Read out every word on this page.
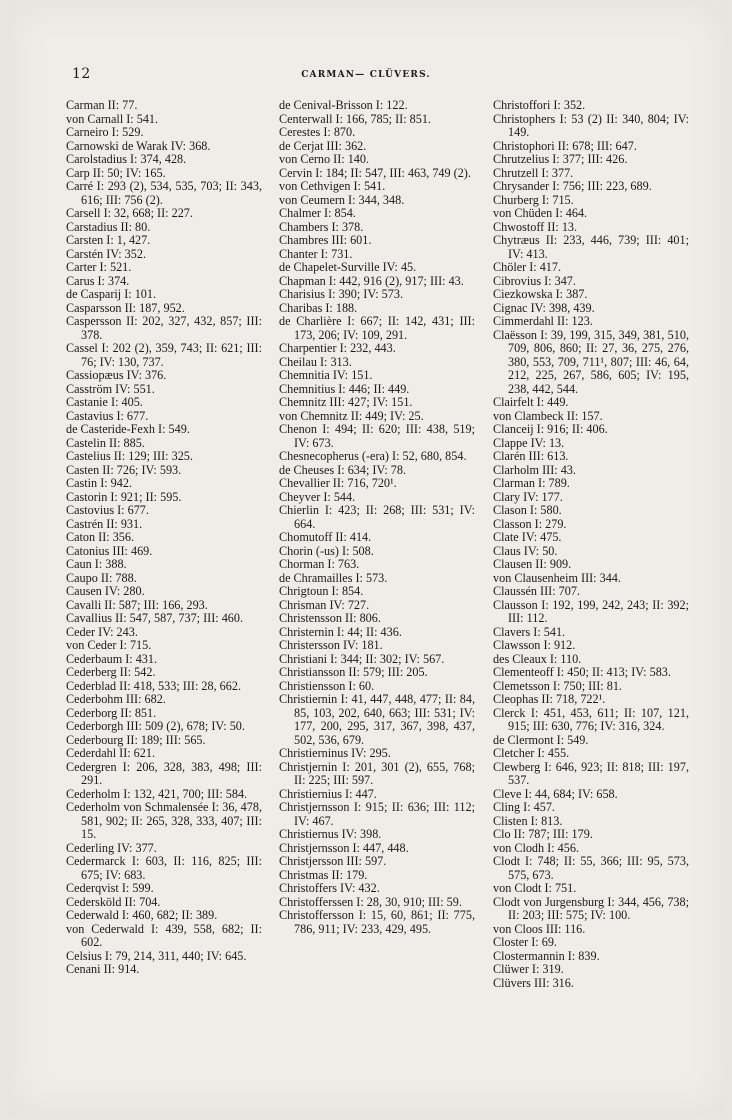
12	CARMAN— CLÜVERS.
Carman II: 77.
von Carnall I: 541.
Carneiro I: 529.
Carnowski de Warak IV: 368.
Carolstadius I: 374, 428.
Carp II: 50; IV: 165.
Carré I: 293 (2), 534, 535, 703; II: 343, 616; III: 756 (2).
Carsell I: 32, 668; II: 227.
Carstadius II: 80.
Carsten I: 1, 427.
Carstén IV: 352.
Carter I: 521.
Carus I: 374.
de Casparij I: 101.
Casparsson II: 187, 952.
Caspersson II: 202, 327, 432, 857; III: 378.
Cassel I: 202 (2), 359, 743; II: 621; III: 76; IV: 130, 737.
Cassiopæus IV: 376.
Casström IV: 551.
Castanie I: 405.
Castavius I: 677.
de Casteride-Fexh I: 549.
Castelin II: 885.
Castelius II: 129; III: 325.
Casten II: 726; IV: 593.
Castin I: 942.
Castorin I: 921; II: 595.
Castovius I: 677.
Castrén II: 931.
Caton II: 356.
Catonius III: 469.
Caun I: 388.
Caupo II: 788.
Causen IV: 280.
Cavalli II: 587; III: 166, 293.
Cavallius II: 547, 587, 737; III: 460.
Ceder IV: 243.
von Ceder I: 715.
Cederbaum I: 431.
Cederberg II: 542.
Cederblad II: 418, 533; III: 28, 662.
Cederbohm III: 682.
Cederborg II: 851.
Cederborgh III: 509 (2), 678; IV: 50.
Cederbourg II: 189; III: 565.
Cederdahl II: 621.
Cedergren I: 206, 328, 383, 498; III: 291.
Cederholm I: 132, 421, 700; III: 584.
Cederholm von Schmalensée I: 36, 478, 581, 902; II: 265, 328, 333, 407; III: 15.
Cederling IV: 377.
Cedermarck I: 603, II: 116, 825; III: 675; IV: 683.
Cederqvist I: 599.
Cedersköld II: 704.
Cederwald I: 460, 682; II: 389.
von Cederwald I: 439, 558, 682; II: 602.
Celsius I: 79, 214, 311, 440; IV: 645.
Cenani II: 914.
de Cenival-Brisson I: 122.
Centerwall I: 166, 785; II: 851.
Cerestes I: 870.
de Cerjat III: 362.
von Cerno II: 140.
Cervin I: 184; II: 547, III: 463, 749 (2).
von Cethvigen I: 541.
von Ceumern I: 344, 348.
Chalmer I: 854.
Chambers I: 378.
Chambres III: 601.
Chanter I: 731.
de Chapelet-Surville IV: 45.
Chapman I: 442, 916 (2), 917; III: 43.
Charisius I: 390; IV: 573.
Charibas I: 188.
de Charlière I: 667; II: 142, 431; III: 173, 206; IV: 109, 291.
Charpentier I: 232, 443.
Cheilau I: 313.
Chemnitia IV: 151.
Chemnitius I: 446; II: 449.
Chemnitz III: 427; IV: 151.
von Chemnitz II: 449; IV: 25.
Chenon I: 494; II: 620; III: 438, 519; IV: 673.
Chesnecopherus (-era) I: 52, 680, 854.
de Cheuses I: 634; IV: 78.
Chevallier II: 716, 720¹.
Cheyver I: 544.
Chierlin I: 423; II: 268; III: 531; IV: 664.
Chomutoff II: 414.
Chorin (-us) I: 508.
Chorman I: 763.
de Chramailles I: 573.
Chrigtoun I: 854.
Chrisman IV: 727.
Christensson II: 806.
Christernin I: 44; II: 436.
Christersson IV: 181.
Christiani I: 344; II: 302; IV: 567.
Christiansson II: 579; III: 205.
Christiensson I: 60.
Christiernin I: 41, 447, 448, 477; II: 84, 85, 103, 202, 640, 663; III: 531; IV: 177, 200, 295, 317, 367, 398, 437, 502, 536, 679.
Christierninus IV: 295.
Christjernin I: 201, 301 (2), 655, 768; II: 225; III: 597.
Christiernius I: 447.
Christjernsson I: 915; II: 636; III: 112; IV: 467.
Christiernus IV: 398.
Christjernsson I: 447, 448.
Christjersson III: 597.
Christmas II: 179.
Christoffers IV: 432.
Christofferssen I: 28, 30, 910; III: 59.
Christoffersson I: 15, 60, 861; II: 775, 786, 911; IV: 233, 429, 495.
Christoffori I: 352.
Christophers I: 53 (2) II: 340, 804; IV: 149.
Christophori II: 678; III: 647.
Chrutzelius I: 377; III: 426.
Chrutzell I: 377.
Chrysander I: 756; III: 223, 689.
Churberg I: 715.
von Chüden I: 464.
Chwostoff II: 13.
Chytræus II: 233, 446, 739; III: 401; IV: 413.
Chöler I: 417.
Cibrovius I: 347.
Ciezkowska I: 387.
Cignac IV: 398, 439.
Cimmerdahl II: 123.
Claësson I: 39, 199, 315, 349, 381, 510, 709, 806, 860; II: 27, 36, 275, 276, 380, 553, 709, 711¹, 807; III: 46, 64, 212, 225, 267, 586, 605; IV: 195, 238, 442, 544.
Clairfelt I: 449.
von Clambeck II: 157.
Clanceij I: 916; II: 406.
Clappe IV: 13.
Clarén III: 613.
Clarholm III: 43.
Clarman I: 789.
Clary IV: 177.
Clason I: 580.
Classon I: 279.
Clate IV: 475.
Claus IV: 50.
Clausen II: 909.
von Clausenheim III: 344.
Claussén III: 707.
Clausson I: 192, 199, 242, 243; II: 392; III: 112.
Clavers I: 541.
Clawsson I: 912.
des Cleaux I: 110.
Clementeoff I: 450; II: 413; IV: 583.
Clemetsson I: 750; III: 81.
Cleophas II: 718, 722¹.
Clerck I: 451, 453, 611; II: 107, 121, 915; III: 630, 776; IV: 316, 324.
de Clermont I: 549.
Cletcher I: 455.
Clewberg I: 646, 923; II: 818; III: 197, 537.
Cleve I: 44, 684; IV: 658.
Cling I: 457.
Clisten I: 813.
Clo II: 787; III: 179.
von Clodh I: 456.
Clodt I: 748; II: 55, 366; III: 95, 573, 575, 673.
von Clodt I: 751.
Clodt von Jurgensburg I: 344, 456, 738; II: 203; III: 575; IV: 100.
von Cloos III: 116.
Closter I: 69.
Clostermannin I: 839.
Clüwer I: 319.
Clüvers III: 316.
